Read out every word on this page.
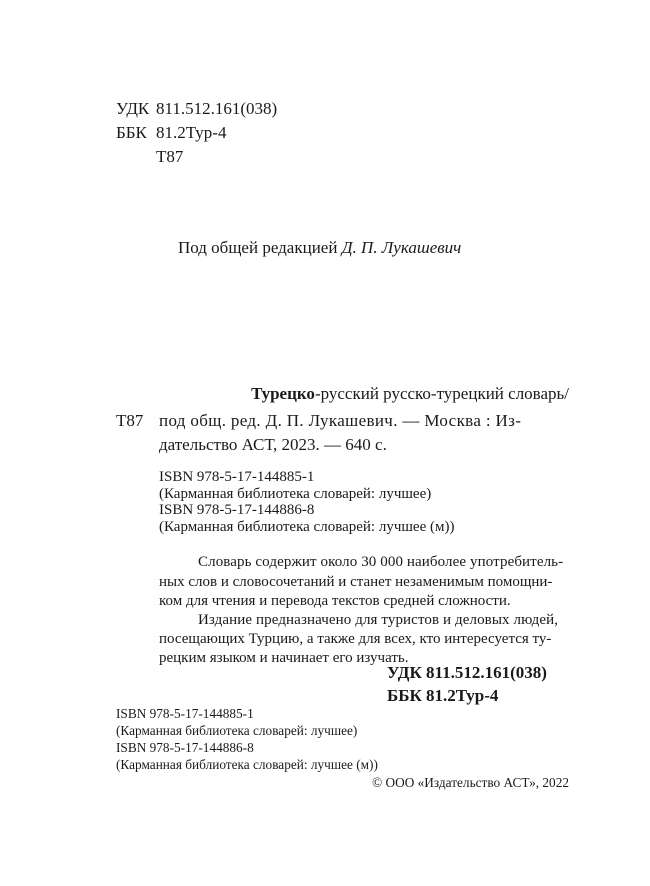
УДК 811.512.161(038)
ББК 81.2Тур-4
Т87
Под общей редакцией Д. П. Лукашевич
Т87
Турецко-русский русско-турецкий словарь/
под общ. ред. Д. П. Лукашевич. — Москва : Из-
дательство АСТ, 2023. — 640 с.
ISBN 978-5-17-144885-1
(Карманная библиотека словарей: лучшее)
ISBN 978-5-17-144886-8
(Карманная библиотека словарей: лучшее (м))
Словарь содержит около 30 000 наиболее употребитель-
ных слов и словосочетаний и станет незаменимым помощни-
ком для чтения и перевода текстов средней сложности.
Издание предназначено для туристов и деловых людей,
посещающих Турцию, а также для всех, кто интересуется ту-
рецким языком и начинает его изучать.
УДК 811.512.161(038)
ББК 81.2Тур-4
ISBN 978-5-17-144885-1
(Карманная библиотека словарей: лучшее)
ISBN 978-5-17-144886-8
(Карманная библиотека словарей: лучшее (м))
© ООО «Издательство АСТ», 2022
